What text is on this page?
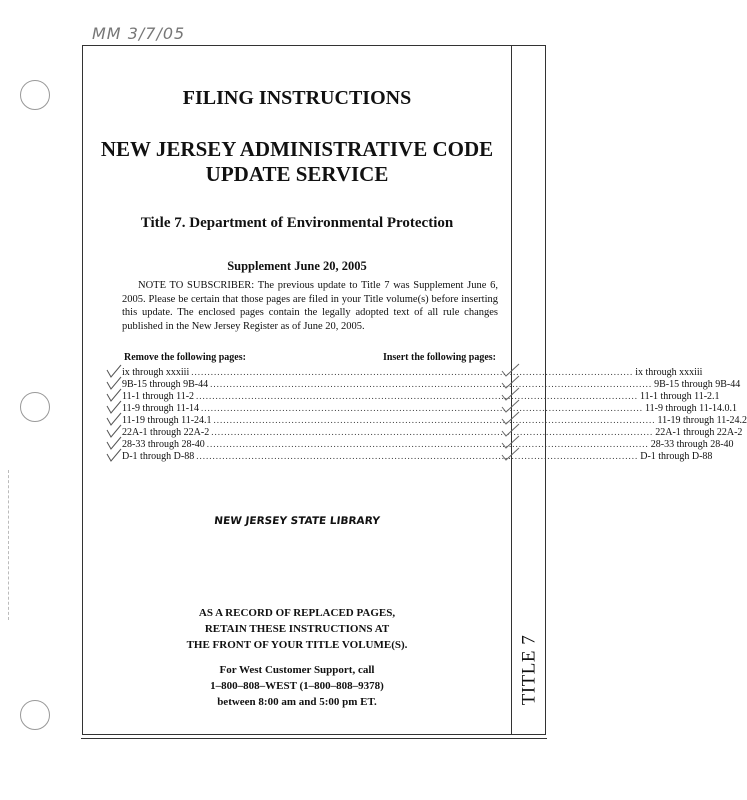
MM 3/7/05
TITLE 7
FILING INSTRUCTIONS
NEW JERSEY ADMINISTRATIVE CODE
UPDATE SERVICE
Title 7. Department of Environmental Protection
Supplement June 20, 2005
NOTE TO SUBSCRIBER: The previous update to Title 7 was Supplement June 6, 2005. Please be certain that those pages are filed in your Title volume(s) before inserting this update. The enclosed pages contain the legally adopted text of all rule changes published in the New Jersey Register as of June 20, 2005.
Remove the following pages:	Insert the following pages:
ix through xxxiii ........................................................................................................................................ ix through xxxiii
9B-15 through 9B-44 ........................................................................................................................................ 9B-15 through 9B-44
11-1 through 11-2 ........................................................................................................................................ 11-1 through 11-2.1
11-9 through 11-14 ........................................................................................................................................ 11-9 through 11-14.0.1
11-19 through 11-24.1 ........................................................................................................................................ 11-19 through 11-24.2
22A-1 through 22A-2 ........................................................................................................................................ 22A-1 through 22A-2
28-33 through 28-40 ........................................................................................................................................ 28-33 through 28-40
D-1 through D-88 ........................................................................................................................................ D-1 through D-88
NEW JERSEY STATE LIBRARY
AS A RECORD OF REPLACED PAGES,
RETAIN THESE INSTRUCTIONS AT
THE FRONT OF YOUR TITLE VOLUME(S).
For West Customer Support, call
1–800–808–WEST (1–800–808–9378)
between 8:00 am and 5:00 pm ET.
